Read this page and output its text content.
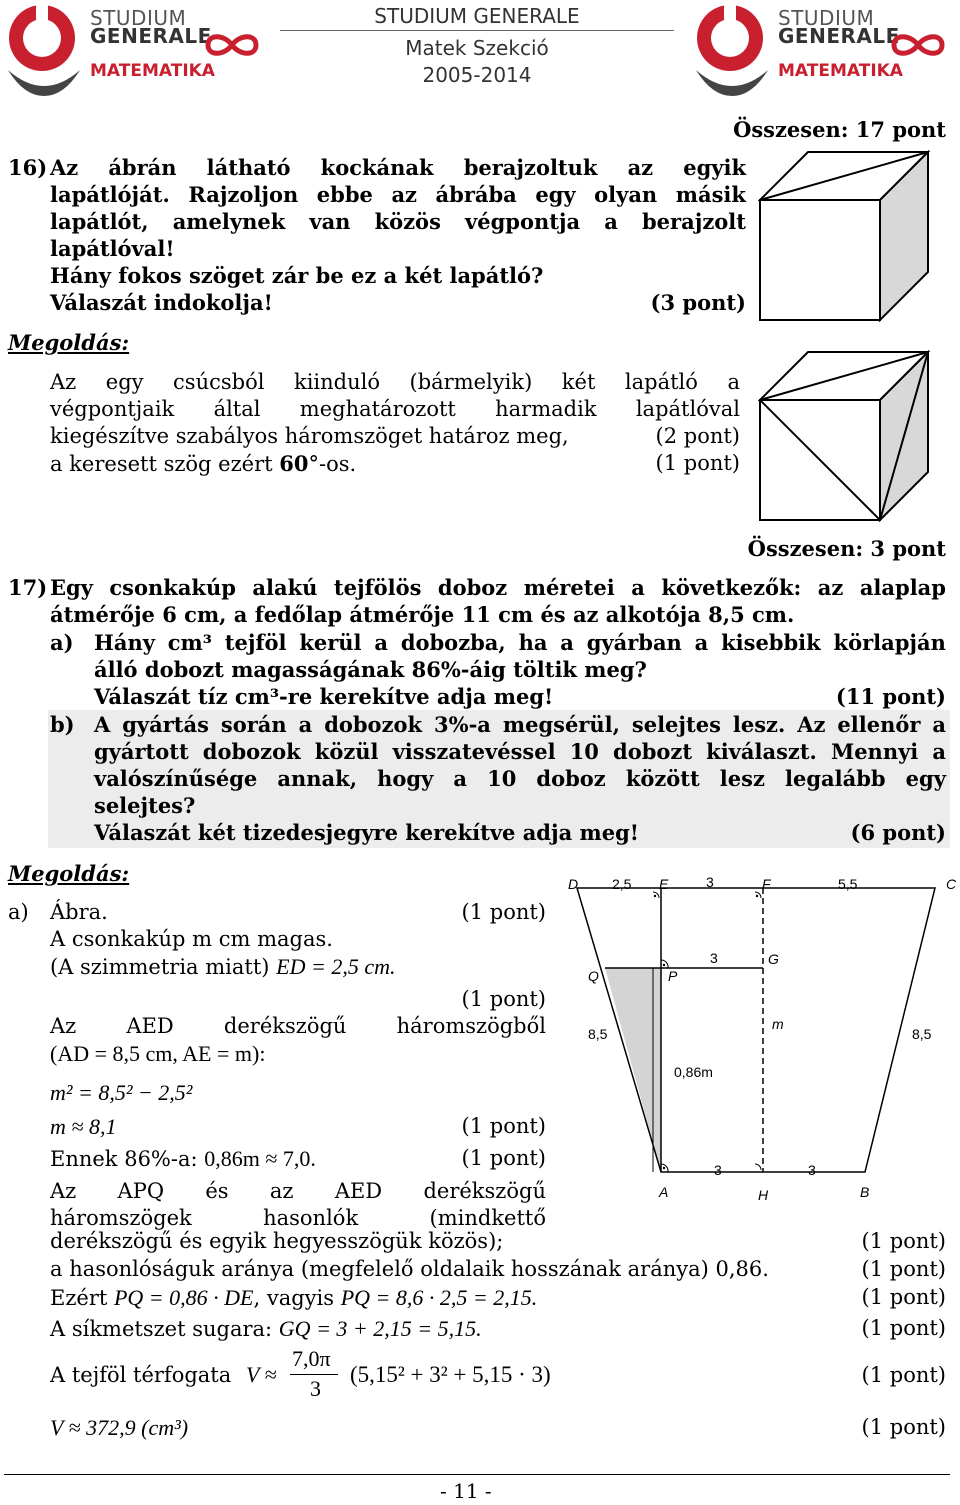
STUDIUM
GENERALE
MATEMATIKA
STUDIUM GENERALE
Matek Szekció
2005-2014
STUDIUM
GENERALE
MATEMATIKA
Összesen: 17 pont
16) Az ábrán látható kockának berajzoltuk az egyik
lapátlóját. Rajzoljon ebbe az ábrába egy olyan másik
lapátlót, amelynek van közös végpontja a berajzolt
lapátlóval!
Hány fokos szöget zár be ez a két lapátló?
Válaszát indokolja!	(3 pont)
Megoldás:
Az egy csúcsból kiinduló (bármelyik) két lapátló a
végpontjaik által meghatározott harmadik lapátlóval
kiegészítve szabályos háromszöget határoz meg,	(2 pont)
a keresett szög ezért 60°-os.	(1 pont)
Összesen: 3 pont
17) Egy csonkakúp alakú tejfölös doboz méretei a következők: az alaplap
átmérője 6 cm, a fedőlap átmérője 11 cm és az alkotója 8,5 cm.
a) Hány cm³ tejföl kerül a dobozba, ha a gyárban a kisebbik körlapján
álló dobozt magasságának 86%-áig töltik meg?
Válaszát tíz cm³-re kerekítve adja meg!	(11 pont)
b) A gyártás során a dobozok 3%-a megsérül, selejtes lesz. Az ellenőr a
gyártott dobozok közül visszatevéssel 10 dobozt kiválaszt. Mennyi a
valószínűsége annak, hogy a 10 doboz között lesz legalább egy
selejtes?
Válaszát két tizedesjegyre kerekítve adja meg!	(6 pont)
Megoldás:
a) Ábra.	(1 pont)
A csonkakúp m cm magas.
(A szimmetria miatt) ED = 2,5 cm.
(1 pont)
Az AED derékszögű háromszögből
(AD = 8,5 cm, AE = m):
m² = 8,5² − 2,5²
m ≈ 8,1	(1 pont)
Ennek 86%-a: 0,86m ≈ 7,0.	(1 pont)
Az APQ és az AED derékszögű
háromszögek	hasonlók	(mindkettő
derékszögű és egyik hegyesszögük közös);	(1 pont)
a hasonlóságuk aránya (megfelelő oldalaik hosszának aránya) 0,86.	(1 pont)
Ezért PQ = 0,86 · DE, vagyis PQ = 8,6 · 2,5 = 2,15.	(1 pont)
A síkmetszet sugara: GQ = 3 + 2,15 = 5,15.	(1 pont)
A tejföl térfogata V ≈
7,0π
3
(5,15² + 3² + 5,15 · 3)	(1 pont)
V ≈ 372,9 (cm³)	(1 pont)
D 2,5 E	3	F	5,5	C
3	G
Q	P
m
8,5	8,5
0,86m
3	3
A	H	B
- 11 -
